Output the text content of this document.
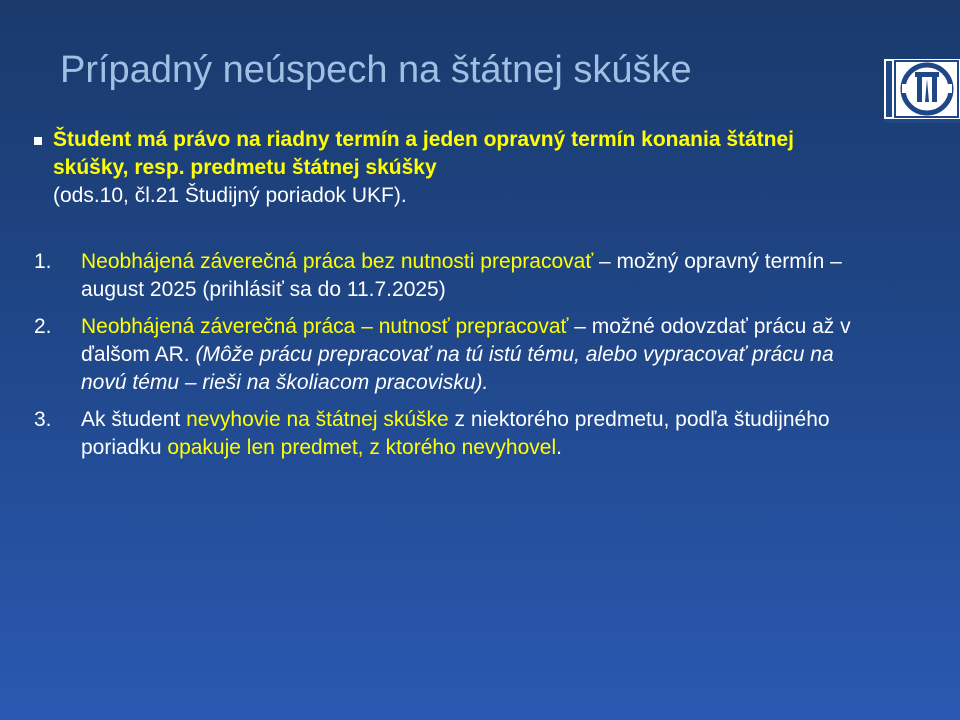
Prípadný neúspech na štátnej skúške
Študent má právo na riadny termín a jeden opravný termín konania štátnej skúšky, resp. predmetu štátnej skúšky
(ods.10, čl.21 Študijný poriadok UKF).
1. Neobhájená záverečná práca bez nutnosti prepracovať – možný opravný termín – august 2025 (prihlásiť sa do 11.7.2025)
2. Neobhájená záverečná práca – nutnosť prepracovať – možné odovzdať prácu až v ďalšom AR. (Môže prácu prepracovať na tú istú tému, alebo vypracovať prácu na novú tému – rieši na školiacom pracovisku).
3. Ak študent nevyhovie na štátnej skúške z niektorého predmetu, podľa študijného poriadku opakuje len predmet, z ktorého nevyhovel.
